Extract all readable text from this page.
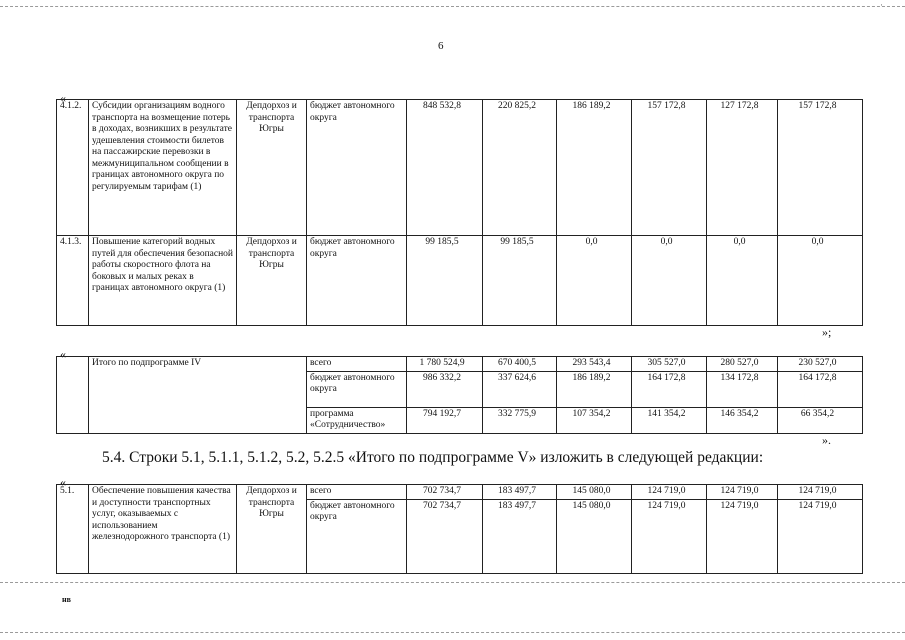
·
6
«
4.1.2.	Субсидии организациям водного транспорта на возмещение потерь в доходах, возникших в результате удешевления стоимости билетов на пассажирские перевозки в межмуниципальном сообщении в границах автономного округа по регулируемым тарифам (1)	Депдорхоз и транспорта Югры	бюджет автономного округа	848 532,8	220 825,2	186 189,2	157 172,8	127 172,8	157 172,8
4.1.3.	Повышение категорий водных путей для обеспечения безопасной работы скоростного флота на боковых и малых реках в границах автономного округа (1)	Депдорхоз и транспорта Югры	бюджет автономного округа	99 185,5	99 185,5	0,0	0,0	0,0	0,0
»;
«
	Итого по подпрограмме IV	всего	1 780 524,9	670 400,5	293 543,4	305 527,0	280 527,0	230 527,0
		бюджет автономного округа	986 332,2	337 624,6	186 189,2	164 172,8	134 172,8	164 172,8
		программа «Сотрудничество»	794 192,7	332 775,9	107 354,2	141 354,2	146 354,2	66 354,2
».
5.4. Строки 5.1, 5.1.1, 5.1.2, 5.2, 5.2.5 «Итого по подпрограмме V» изложить в следующей редакции:
«
5.1.	Обеспечение повышения качества и доступности транспортных услуг, оказываемых с использованием железнодорожного транспорта (1)	Депдорхоз и транспорта Югры	всего	702 734,7	183 497,7	145 080,0	124 719,0	124 719,0	124 719,0
			бюджет автономного округа	702 734,7	183 497,7	145 080,0	124 719,0	124 719,0	124 719,0
нв
